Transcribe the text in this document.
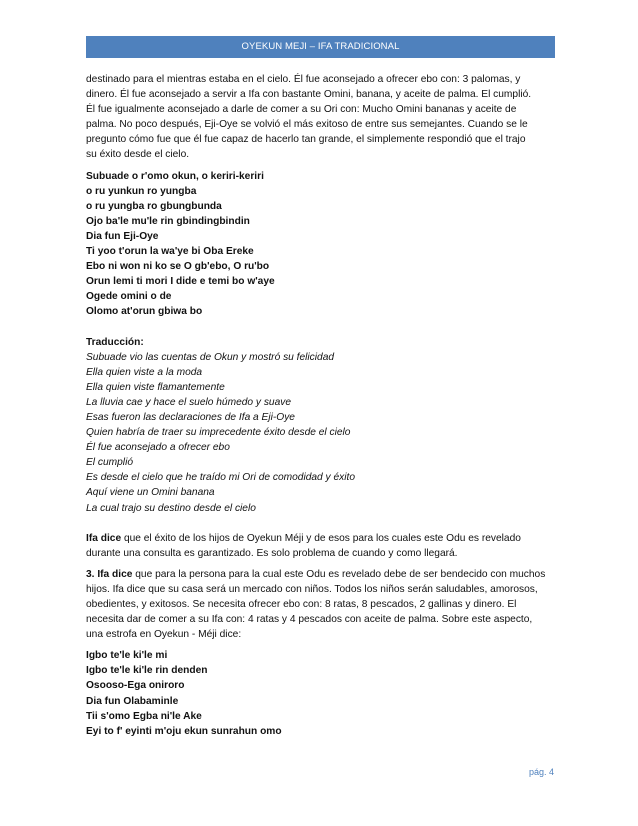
OYEKUN MEJI – IFA TRADICIONAL

destinado para el mientras estaba en el cielo. Él fue aconsejado a ofrecer ebo con: 3 palomas, y

dinero. Él fue aconsejado a servir a Ifa con bastante Omini, banana, y aceite de palma. El cumplió.

Él fue igualmente aconsejado a darle de comer a su Ori con: Mucho Omini bananas y aceite de

palma. No poco después, Eji-Oye se volvió el más exitoso de entre sus semejantes. Cuando se le

pregunto cómo fue que él fue capaz de hacerlo tan grande, el simplemente respondió que el trajo

su éxito desde el cielo.

Subuade o r'omo okun, o keriri-keriri

o ru yunkun ro yungba

o ru yungba ro gbungbunda

Ojo ba'le mu'le rin gbindingbindin

Dia fun Eji-Oye

Ti yoo t'orun la wa'ye bi Oba Ereke

Ebo ni won ni ko se O gb'ebo, O ru'bo

Orun lemi ti mori I dide e temi bo w'aye

Ogede omini o de

Olomo at'orun gbiwa bo

Traducción:

Subuade vio las cuentas de Okun y mostró su felicidad

Ella quien viste a la moda

Ella quien viste flamantemente

La lluvia cae y hace el suelo húmedo y suave

Esas fueron las declaraciones de Ifa a Eji-Oye

Quien habría de traer su imprecedente éxito desde el cielo

Él fue aconsejado a ofrecer ebo

El cumplió

Es desde el cielo que he traído mi Ori de comodidad y éxito

Aquí viene un Omini banana

La cual trajo su destino desde el cielo

Ifa dice que el éxito de los hijos de Oyekun Méji y de esos para los cuales este Odu es revelado

durante una consulta es garantizado. Es solo problema de cuando y como llegará.

3. Ifa dice que para la persona para la cual este Odu es revelado debe de ser bendecido con muchos

hijos. Ifa dice que su casa será un mercado con niños. Todos los niños serán saludables, amorosos,

obedientes, y exitosos. Se necesita ofrecer ebo con: 8 ratas, 8 pescados, 2 gallinas y dinero. El

necesita dar de comer a su Ifa con: 4 ratas y 4 pescados con aceite de palma. Sobre este aspecto,

una estrofa en Oyekun - Méji dice:

Igbo te'le ki'le mi

Igbo te'le ki'le rin denden

Osooso-Ega oniroro

Dia fun Olabaminle

Tii s'omo Egba ni'le Ake

Eyi to f' eyinti m'oju ekun sunrahun omo

pág. 4
